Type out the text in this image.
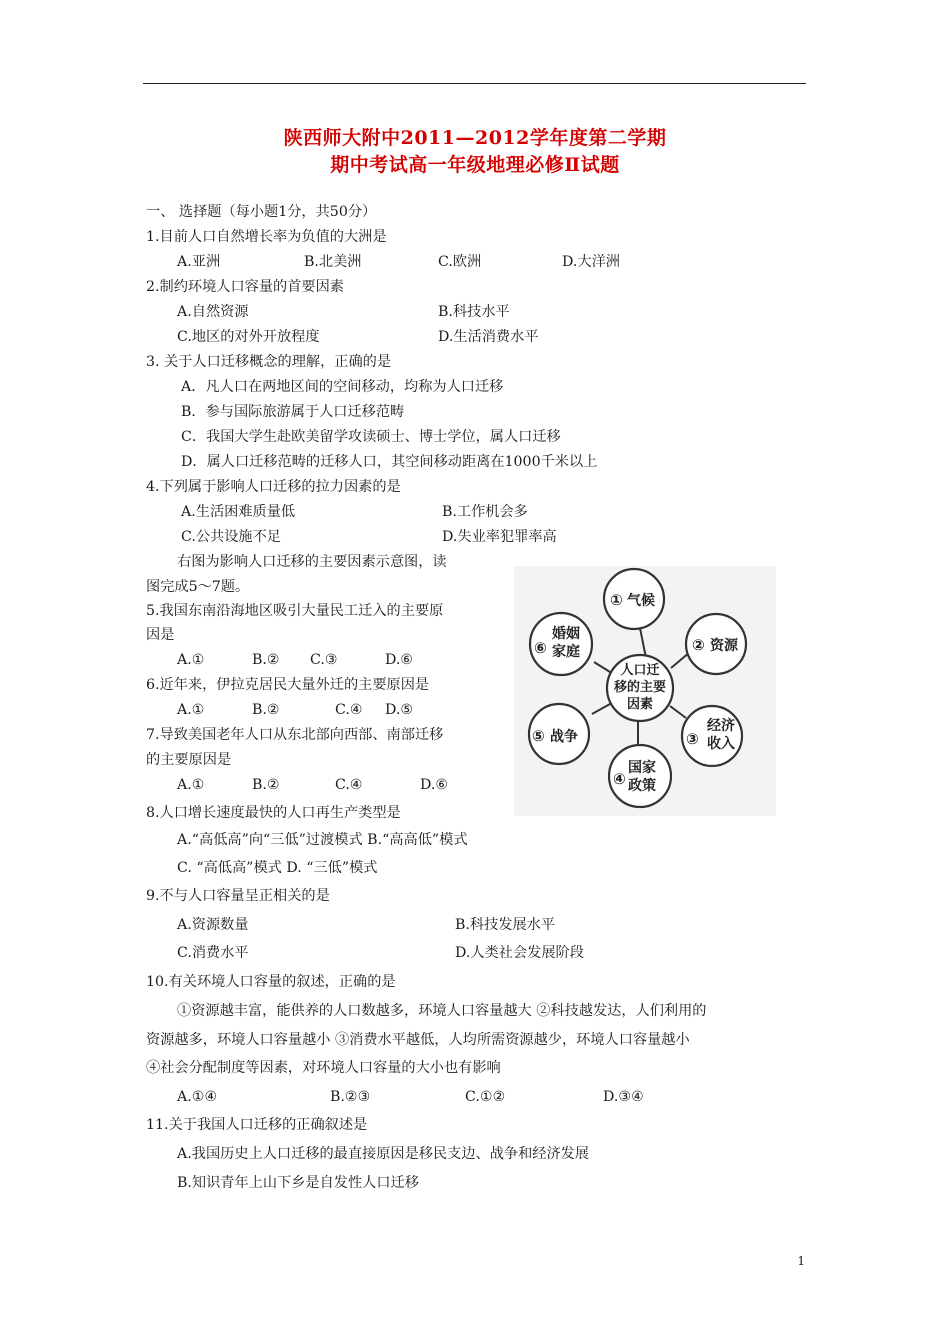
陕西师大附中2011—2012学年度第二学期
期中考试高一年级地理必修Ⅱ试题
一、 选择题（每小题1分，共50分）
1.目前人口自然增长率为负值的大洲是
A.亚洲	B.北美洲	C.欧洲	D.大洋洲
2.制约环境人口容量的首要因素
A.自然资源	B.科技水平
C.地区的对外开放程度	D.生活消费水平
3. 关于人口迁移概念的理解，正确的是
A．凡人口在两地区间的空间移动，均称为人口迁移
B．参与国际旅游属于人口迁移范畴
C．我国大学生赴欧美留学攻读硕士、博士学位，属人口迁移
D．属人口迁移范畴的迁移人口，其空间移动距离在1000千米以上
4.下列属于影响人口迁移的拉力因素的是
A.生活困难质量低	B.工作机会多
C.公共设施不足	D.失业率犯罪率高
右图为影响人口迁移的主要因素示意图，读
图完成5～7题。
5.我国东南沿海地区吸引大量民工迁入的主要原
因是
A.①	B.② C.③	D.⑥
6.近年来，伊拉克居民大量外迁的主要原因是
A.①	B.②	C.④ D.⑤
7.导致美国老年人口从东北部向西部、南部迁移
的主要原因是
A.①	B.②	C.④	D.⑥
8.人口增长速度最快的人口再生产类型是
A.“高低高”向“三低”过渡模式 B.“高高低”模式
C. “高低高”模式 D. “三低”模式
9.不与人口容量呈正相关的是
A.资源数量	B.科技发展水平
C.消费水平	D.人类社会发展阶段
10.有关环境人口容量的叙述，正确的是
①资源越丰富，能供养的人口数越多，环境人口容量越大 ②科技越发达，人们利用的
资源越多，环境人口容量越小 ③消费水平越低，人均所需资源越少，环境人口容量越小
④社会分配制度等因素，对环境人口容量的大小也有影响
A.①④	B.②③	C.①②	D.③④
11.关于我国人口迁移的正确叙述是
A.我国历史上人口迁移的最直接原因是移民支边、战争和经济发展
B.知识青年上山下乡是自发性人口迁移
人口迁
移的主要
因素
① 气候
② 资源
③
经济
收入
④
国家
政策
⑤ 战争
⑥
婚姻
家庭
1
